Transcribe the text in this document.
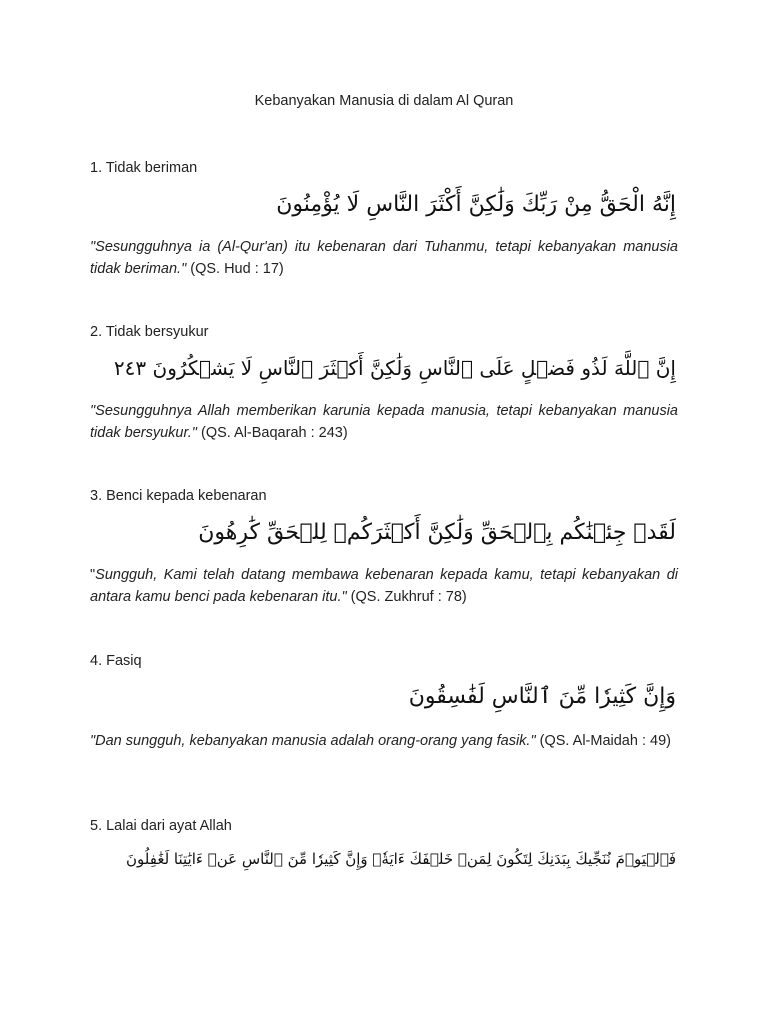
Kebanyakan Manusia di dalam Al Quran
1. Tidak beriman
إِنَّهُ الْحَقُّ مِنْ رَبِّكَ وَلَٰكِنَّ أَكْثَرَ النَّاسِ لَا يُؤْمِنُونَ
"Sesungguhnya ia (Al-Qur'an) itu kebenaran dari Tuhanmu, tetapi kebanyakan manusia tidak beriman." (QS. Hud : 17)
2. Tidak bersyukur
إِنَّ ٱللَّهَ لَذُو فَضۡلٍ عَلَى ٱلنَّاسِ وَلَٰكِنَّ أَكۡثَرَ ٱلنَّاسِ لَا يَشۡكُرُونَ ٢٤٣
"Sesungguhnya Allah memberikan karunia kepada manusia, tetapi kebanyakan manusia tidak bersyukur." (QS. Al-Baqarah : 243)
3. Benci kepada kebenaran
لَقَدۡ جِئۡنَٰكُم بِٱلۡحَقِّ وَلَٰكِنَّ أَكۡثَرَكُمۡ لِلۡحَقِّ كَٰرِهُونَ
"Sungguh, Kami telah datang membawa kebenaran kepada kamu, tetapi kebanyakan di antara kamu benci pada kebenaran itu." (QS. Zukhruf : 78)
4. Fasiq
وَإِنَّ كَثِيرٗا مِّنَ ٱلنَّاسِ لَفَٰسِقُونَ
"Dan sungguh, kebanyakan manusia adalah orang-orang yang fasik." (QS. Al-Maidah : 49)
5. Lalai dari ayat Allah
فَٱلۡيَوۡمَ نُنَجِّيكَ بِبَدَنِكَ لِتَكُونَ لِمَنۡ خَلۡفَكَ ءَايَةٗۚ وَإِنَّ كَثِيرٗا مِّنَ ٱلنَّاسِ عَنۡ ءَايَٰتِنَا لَغَٰفِلُونَ
